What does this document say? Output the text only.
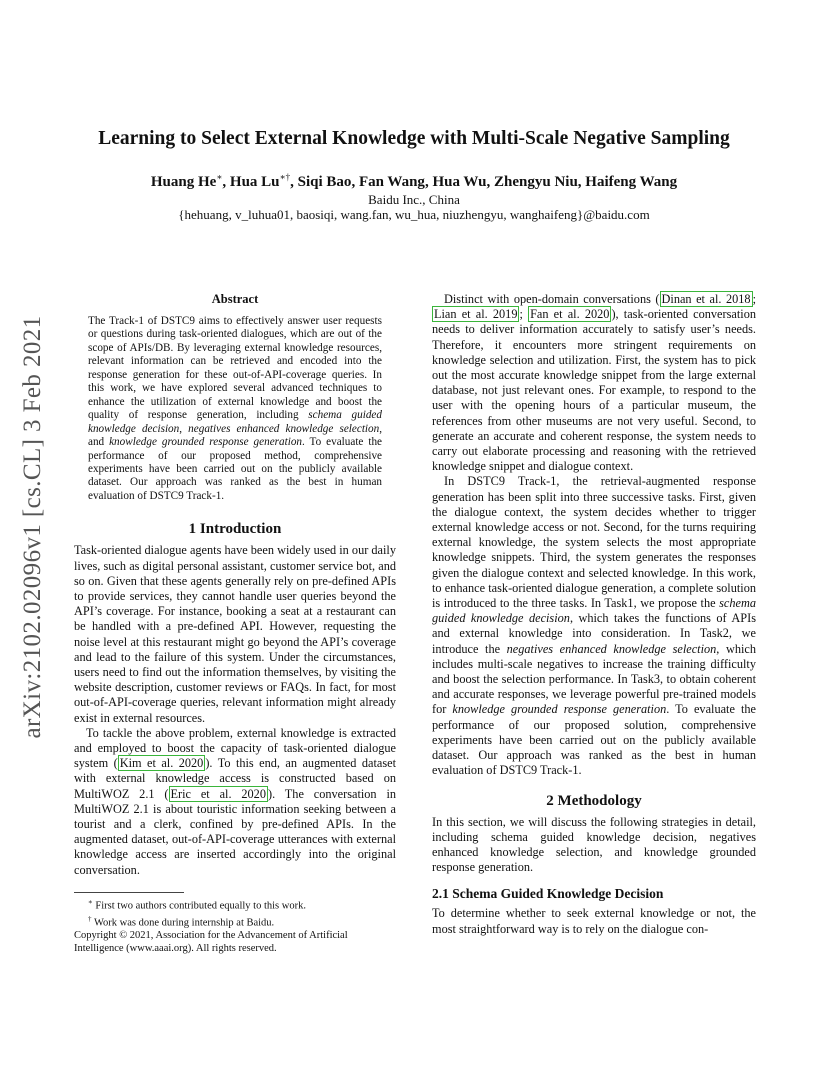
arXiv:2102.02096v1 [cs.CL] 3 Feb 2021
Learning to Select External Knowledge with Multi-Scale Negative Sampling
Huang He∗, Hua Lu∗†, Siqi Bao, Fan Wang, Hua Wu, Zhengyu Niu, Haifeng Wang
Baidu Inc., China
{hehuang, v_luhua01, baosiqi, wang.fan, wu_hua, niuzhengyu, wanghaifeng}@baidu.com
Abstract

The Track-1 of DSTC9 aims to effectively answer user requests or questions during task-oriented dialogues, which are out of the scope of APIs/DB. By leveraging external knowledge resources, relevant information can be retrieved and encoded into the response generation for these out-of-API-coverage queries. In this work, we have explored several advanced techniques to enhance the utilization of external knowledge and boost the quality of response generation, including schema guided knowledge decision, negatives enhanced knowledge selection, and knowledge grounded response generation. To evaluate the performance of our proposed method, comprehensive experiments have been carried out on the publicly available dataset. Our approach was ranked as the best in human evaluation of DSTC9 Track-1.

1 Introduction

Task-oriented dialogue agents have been widely used in our daily lives, such as digital personal assistant, customer service bot, and so on. Given that these agents generally rely on pre-defined APIs to provide services, they cannot handle user queries beyond the API’s coverage. For instance, booking a seat at a restaurant can be handled with a pre-defined API. However, requesting the noise level at this restaurant might go beyond the API’s coverage and lead to the failure of this system. Under the circumstances, users need to find out the information themselves, by visiting the website description, customer reviews or FAQs. In fact, for most out-of-API-coverage queries, relevant information might already exist in external resources.

To tackle the above problem, external knowledge is extracted and employed to boost the capacity of task-oriented dialogue system ( Kim et al. 2020 ). To this end, an augmented dataset with external knowledge access is constructed based on MultiWOZ 2.1 ( Eric et al. 2020 ). The conversation in MultiWOZ 2.1 is about touristic information seeking between a tourist and a clerk, confined by pre-defined APIs. In the augmented dataset, out-of-API-coverage utterances with external knowledge access are inserted accordingly into the original conversation.

∗ First two authors contributed equally to this work.

† Work was done during internship at Baidu.

Copyright © 2021, Association for the Advancement of Artificial Intelligence (www.aaai.org). All rights reserved.

Distinct with open-domain conversations ( Dinan et al. 2018 ; Lian et al. 2019 ; Fan et al. 2020 ), task-oriented conversation needs to deliver information accurately to satisfy user’s needs. Therefore, it encounters more stringent requirements on knowledge selection and utilization. First, the system has to pick out the most accurate knowledge snippet from the large external database, not just relevant ones. For example, to respond to the user with the opening hours of a particular museum, the references from other museums are not very useful. Second, to generate an accurate and coherent response, the system needs to carry out elaborate processing and reasoning with the retrieved knowledge snippet and dialogue context.

In DSTC9 Track-1, the retrieval-augmented response generation has been split into three successive tasks. First, given the dialogue context, the system decides whether to trigger external knowledge access or not. Second, for the turns requiring external knowledge, the system selects the most appropriate knowledge snippets. Third, the system generates the responses given the dialogue context and selected knowledge. In this work, to enhance task-oriented dialogue generation, a complete solution is introduced to the three tasks. In Task1, we propose the schema guided knowledge decision, which takes the functions of APIs and external knowledge into consideration. In Task2, we introduce the negatives enhanced knowledge selection, which includes multi-scale negatives to increase the training difficulty and boost the selection performance. In Task3, to obtain coherent and accurate responses, we leverage powerful pre-trained models for knowledge grounded response generation. To evaluate the performance of our proposed solution, comprehensive experiments have been carried out on the publicly available dataset. Our approach was ranked as the best in human evaluation of DSTC9 Track-1.

2 Methodology

In this section, we will discuss the following strategies in detail, including schema guided knowledge decision, negatives enhanced knowledge selection, and knowledge grounded response generation.

2.1 Schema Guided Knowledge Decision

To determine whether to seek external knowledge or not, the most straightforward way is to rely on the dialogue con-
